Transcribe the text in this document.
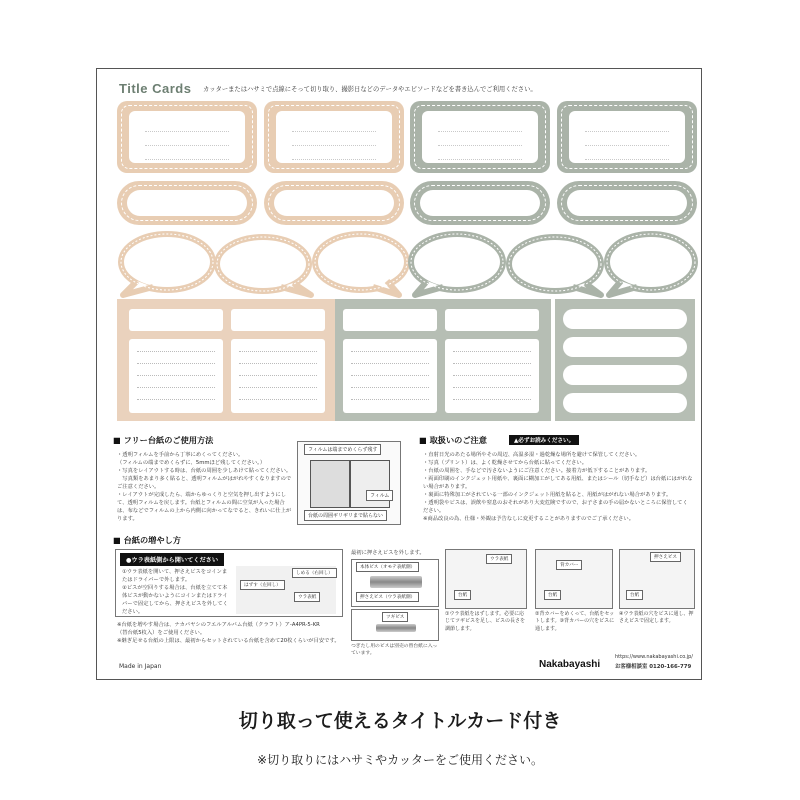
Title Cards カッターまたはハサミで点線にそって切り取り、撮影日などのデータやエピソードなどを書き込んでご利用ください。
■ フリー台紙のご使用方法

・透明フィルムを手前から丁寧にめくってください。

（フィルムの端までめくらずに、5mmほど残してください。）

・写真をレイアウトする時は、台紙の周囲を少しあけて貼ってください。

　写真類をあまり多く貼ると、透明フィルムがはがれやすくなりますのでご注意ください。

・レイアウトが完成したら、端からゆっくりと空気を押し出すようにして、透明フィルムを戻します。台紙とフィルムの間に空気が入った場合は、布などでフィルムの上から内側に向かってなでると、きれいに仕上がります。

フィルムは端までめくらず残す
フィルム
台紙の周囲ギリギリまで貼らない
■ 取扱いのご注意	▲必ずお読みください。

・直射日光のあたる場所やその周辺、高温多湿・過乾燥な場所を避けて保管してください。

・写真（プリント）は、よく乾燥させてから台紙に貼ってください。

・台紙の周囲を、手などで汚さないようにご注意ください。接着力が低下することがあります。

・両面印刷のインクジェット用紙や、裏面に糊加工がしてある用紙、またはシール（切手など）は台紙にはがれない場合があります。

・裏面に特殊加工がされている一部のインクジェット用紙を貼ると、用紙がはがれない場合があります。

・透明袋やビスは、誤飲や窒息のおそれがあり大変危険ですので、お子さまの手の届かないところに保管してください。

※商品改良の為、仕様・外観は予告なしに変更することがありますのでご了承ください。

■ 台紙の増やし方
●ウラ表紙側から開いてください

①ウラ表紙を開いて、押さえビスをコインまたはドライバーで外します。

②ビスが空回りする場合は、台紙を立てて本体ビスが動かないようにコインまたはドライバーで固定してから、押さえビスを外してください。

しめる（右回し）
はずす（左回し）
ウラ表紙

※台紙を増やす場合は、ナカバヤシのフエルアルバム台紙（クラフト）ア-A4PR-5-KR

（替台紙5枚入）をご使用ください。

※継ぎ足せる台紙の上限は、最初からセットされている台紙を含めて20枚くらいが目安です。

最初に押さえビスを外します。
本体ビス（オモテ表紙側）
押さえビス（ウラ表紙側）
ツギビス
つぎたし用のビスは別売の替台紙に入っています。
ウラ表紙
台紙
①ウラ表紙をはずします。必要に応じてツギビスを足し、ビスの長さを調節します。
背カバー
台紙
②背カバーをめくって、台紙をセットします。③背カバーの穴をビスに通します。
押さえビス
台紙
④ウラ表紙の穴をビスに通し、押さえビスで固定します。
Made in Japan	Nakabayashi
https://www.nakabayashi.co.jp/
お客様相談室 0120-166-779
切り取って使えるタイトルカード付き
※切り取りにはハサミやカッターをご使用ください。
